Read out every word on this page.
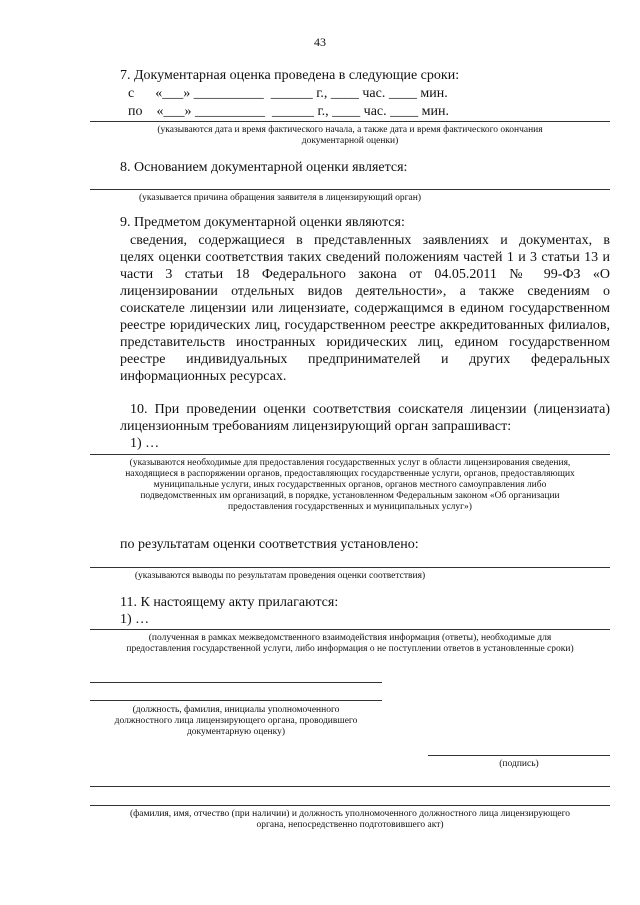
43
7. Документарная оценка проведена в следующие сроки:
с      «___» __________  ______ г., ____ час. ____ мин.
по    «___» __________  ______ г., ____ час. ____ мин.
(указываются дата и время фактического начала, а также дата и время фактического окончания
документарной оценки)
8. Основанием документарной оценки является:
(указывается причина обращения заявителя в лицензирующий орган)
9. Предметом документарной оценки являются:
сведения, содержащиеся в представленных заявлениях и документах, в
целях оценки соответствия таких сведений положениям частей 1 и 3 статьи 13 и
части 3 статьи 18 Федерального закона от 04.05.2011 № 99-ФЗ «О
лицензировании отдельных видов деятельности», а также сведениям о
соискателе лицензии или лицензиате, содержащимся в едином государственном
реестре юридических лиц, государственном реестре аккредитованных филиалов,
представительств иностранных юридических лиц, едином государственном
реестре индивидуальных предпринимателей и других федеральных
информационных ресурсах.
10. При проведении оценки соответствия соискателя лицензии (лицензиата)
лицензионным требованиям лицензирующий орган запрашиваст:
1) …
(указываются необходимые для предоставления государственных услуг в области лицензирования сведения,
находящиеся в распоряжении органов, предоставляющих государственные услуги, органов, предоставляющих
муниципальные услуги, иных государственных органов, органов местного самоуправления либо
подведомственных им организаций, в порядке, установленном Федеральным законом «Об организации
предоставления государственных и муниципальных услуг»)
по результатам оценки соответствия установлено:
(указываются выводы по результатам проведения оценки соответствия)
11. К настоящему акту прилагаются:
1) …
(полученная в рамках межведомственного взаимодействия информация (ответы), необходимые для
предоставления государственной услуги, либо информация о не поступлении ответов в установленные сроки)
(должность, фамилия, инициалы уполномоченного
должностного лица лицензирующего органа, проводившего
документарную оценку)
(подпись)
(фамилия, имя, отчество (при наличии) и должность уполномоченного должностного лица лицензирующего
органа, непосредственно подготовившего акт)
